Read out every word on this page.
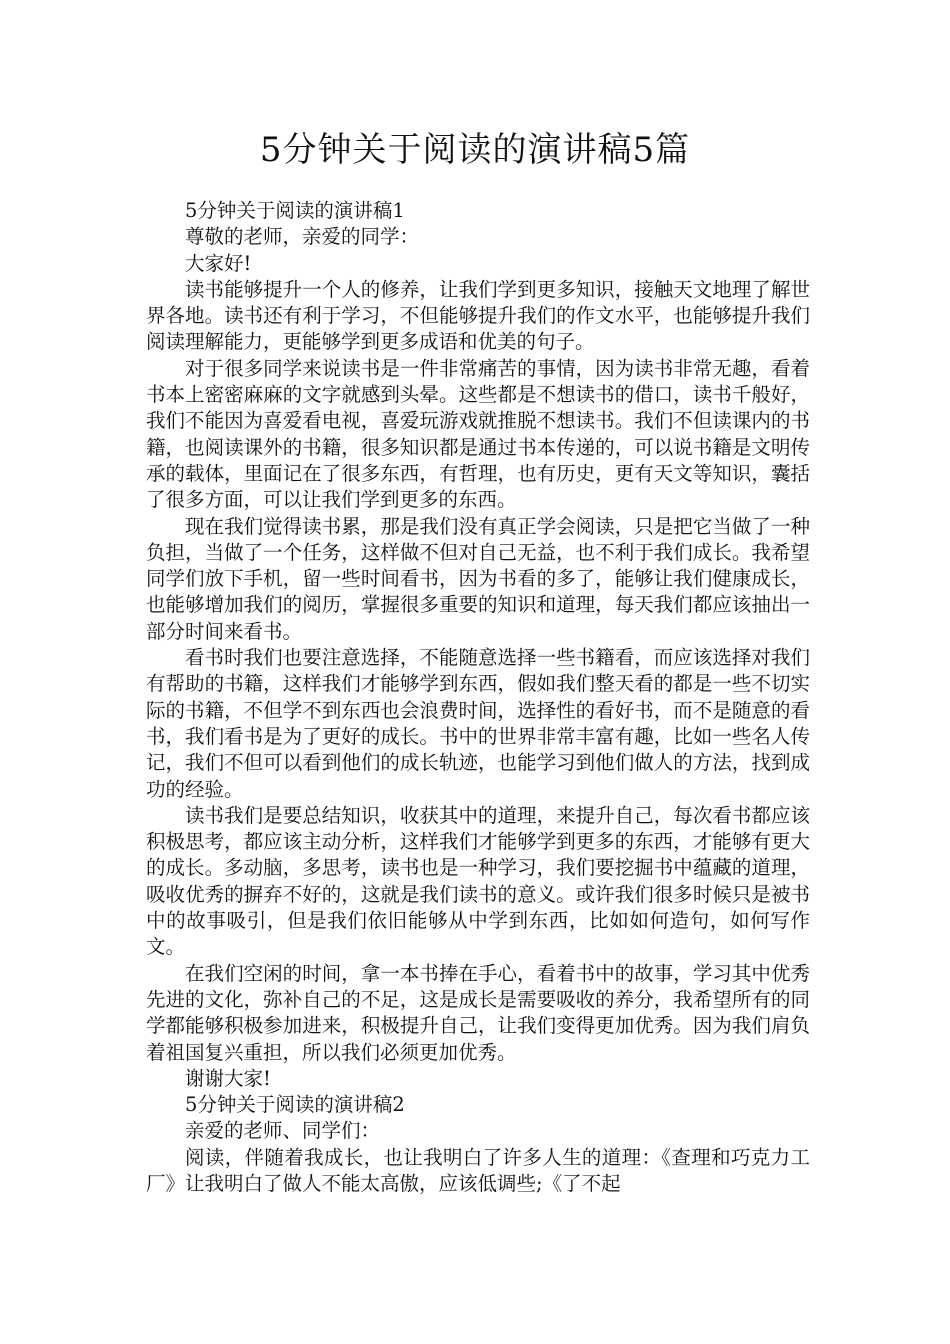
5分钟关于阅读的演讲稿5篇

5分钟关于阅读的演讲稿1

尊敬的老师，亲爱的同学：

大家好!

读书能够提升一个人的修养，让我们学到更多知识，接触天文地理了解世界各地。读书还有利于学习，不但能够提升我们的作文水平，也能够提升我们阅读理解能力，更能够学到更多成语和优美的句子。

对于很多同学来说读书是一件非常痛苦的事情，因为读书非常无趣，看着书本上密密麻麻的文字就感到头晕。这些都是不想读书的借口，读书千般好，我们不能因为喜爱看电视，喜爱玩游戏就推脱不想读书。我们不但读课内的书籍，也阅读课外的书籍，很多知识都是通过书本传递的，可以说书籍是文明传承的载体，里面记在了很多东西，有哲理，也有历史，更有天文等知识，囊括了很多方面，可以让我们学到更多的东西。

现在我们觉得读书累，那是我们没有真正学会阅读，只是把它当做了一种负担，当做了一个任务，这样做不但对自己无益，也不利于我们成长。我希望同学们放下手机，留一些时间看书，因为书看的多了，能够让我们健康成长，也能够增加我们的阅历，掌握很多重要的知识和道理，每天我们都应该抽出一部分时间来看书。

看书时我们也要注意选择，不能随意选择一些书籍看，而应该选择对我们有帮助的书籍，这样我们才能够学到东西，假如我们整天看的都是一些不切实际的书籍，不但学不到东西也会浪费时间，选择性的看好书，而不是随意的看书，我们看书是为了更好的成长。书中的世界非常丰富有趣，比如一些名人传记，我们不但可以看到他们的成长轨迹，也能学习到他们做人的方法，找到成功的经验。

读书我们是要总结知识，收获其中的道理，来提升自己，每次看书都应该积极思考，都应该主动分析，这样我们才能够学到更多的东西，才能够有更大的成长。多动脑，多思考，读书也是一种学习，我们要挖掘书中蕴藏的道理，吸收优秀的摒弃不好的，这就是我们读书的意义。或许我们很多时候只是被书中的故事吸引，但是我们依旧能够从中学到东西，比如如何造句，如何写作文。

在我们空闲的时间，拿一本书捧在手心，看着书中的故事，学习其中优秀先进的文化，弥补自己的不足，这是成长是需要吸收的养分，我希望所有的同学都能够积极参加进来，积极提升自己，让我们变得更加优秀。因为我们肩负着祖国复兴重担，所以我们必须更加优秀。

谢谢大家!

5分钟关于阅读的演讲稿2

亲爱的老师、同学们：

阅读，伴随着我成长，也让我明白了许多人生的道理：《查理和巧克力工厂》让我明白了做人不能太高傲，应该低调些;《了不起
